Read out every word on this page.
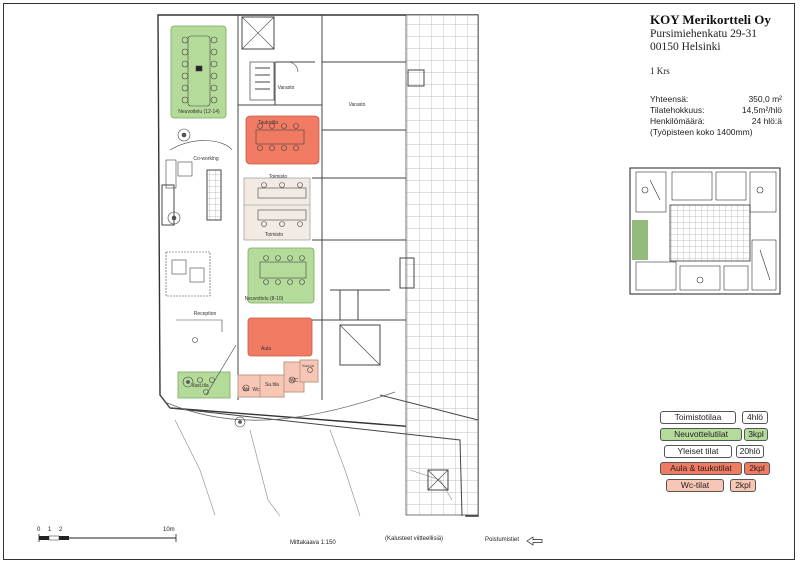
Neuvottelu (12-14)
Varasto
Varasto
Taukotila
Co-working
Toimisto
Toimisto
Neuvottelu (8-10)
Reception
Aula
Vast.tila
Wc
Su.tila
Wc
WC
Kua ja
0 1 2	10m
Mittakaava 1:150
(Kalusteet viitteellisiä)	Poistumistiet
KOY Merikortteli Oy
Pursimiehenkatu 29-31
00150 Helsinki
1 Krs
Yhteensä:	350,0 m²
Tilatehokkuus:	14,5m²/hlö
Henkilömäärä:	24 hlö:ä
(Työpisteen koko 1400mm)
Toimistotilaa	4hlö
Neuvottelutilat	3kpl
Yleiset tilat	20hlö
Aula & taukotilat	2kpl
Wc-tilat	2kpl
